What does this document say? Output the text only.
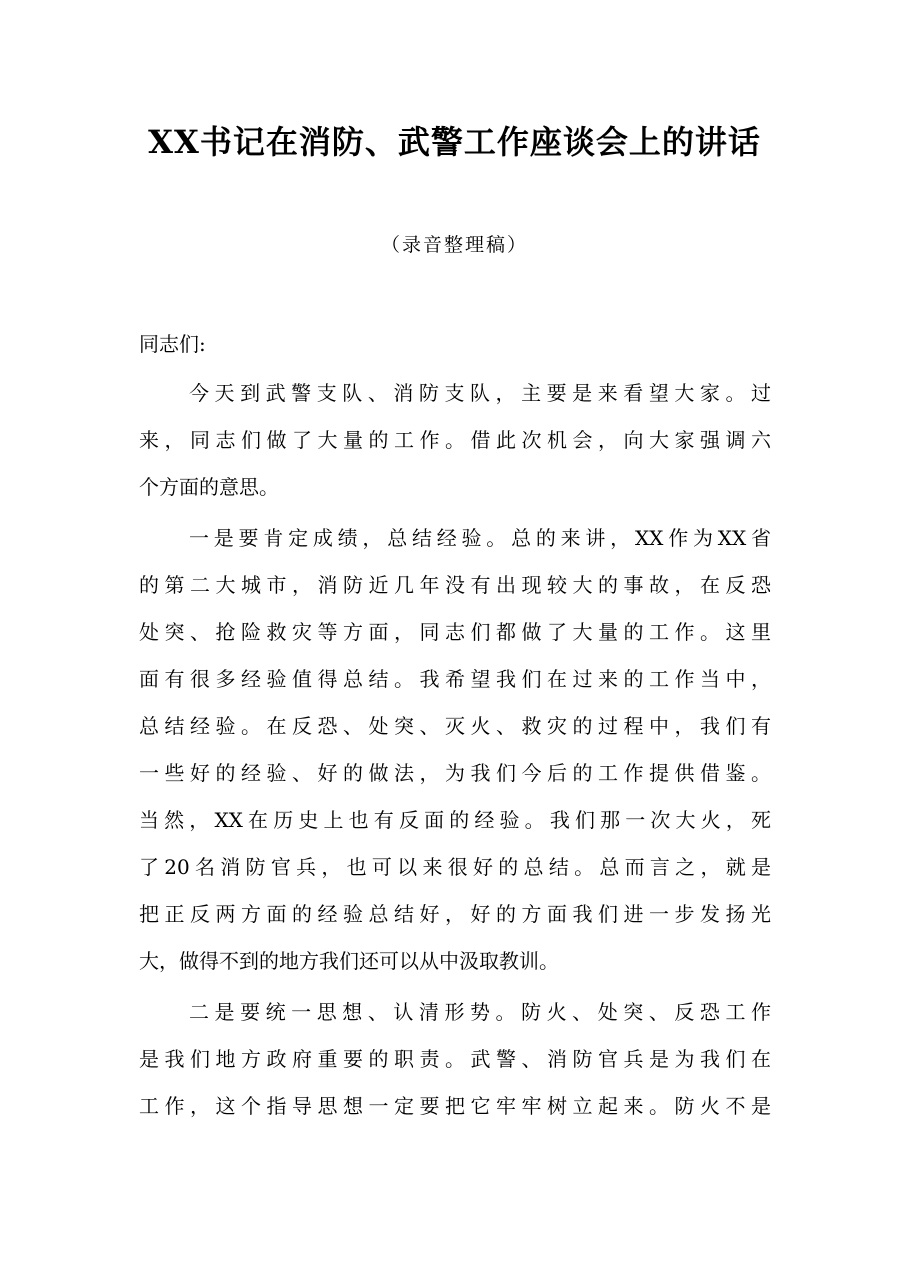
XX书记在消防、武警工作座谈会上的讲话
（录音整理稿）
同志们:
今天到武警支队、消防支队，主要是来看望大家。过
来，同志们做了大量的工作。借此次机会，向大家强调六
个方面的意思。
一是要肯定成绩，总结经验。总的来讲，XX作为XX省
的第二大城市，消防近几年没有出现较大的事故，在反恐
处突、抢险救灾等方面，同志们都做了大量的工作。这里
面有很多经验值得总结。我希望我们在过来的工作当中，
总结经验。在反恐、处突、灭火、救灾的过程中，我们有
一些好的经验、好的做法，为我们今后的工作提供借鉴。
当然，XX在历史上也有反面的经验。我们那一次大火，死
了20名消防官兵，也可以来很好的总结。总而言之，就是
把正反两方面的经验总结好，好的方面我们进一步发扬光
大，做得不到的地方我们还可以从中汲取教训。
二是要统一思想、认清形势。防火、处突、反恐工作
是我们地方政府重要的职责。武警、消防官兵是为我们在
工作，这个指导思想一定要把它牢牢树立起来。防火不是
